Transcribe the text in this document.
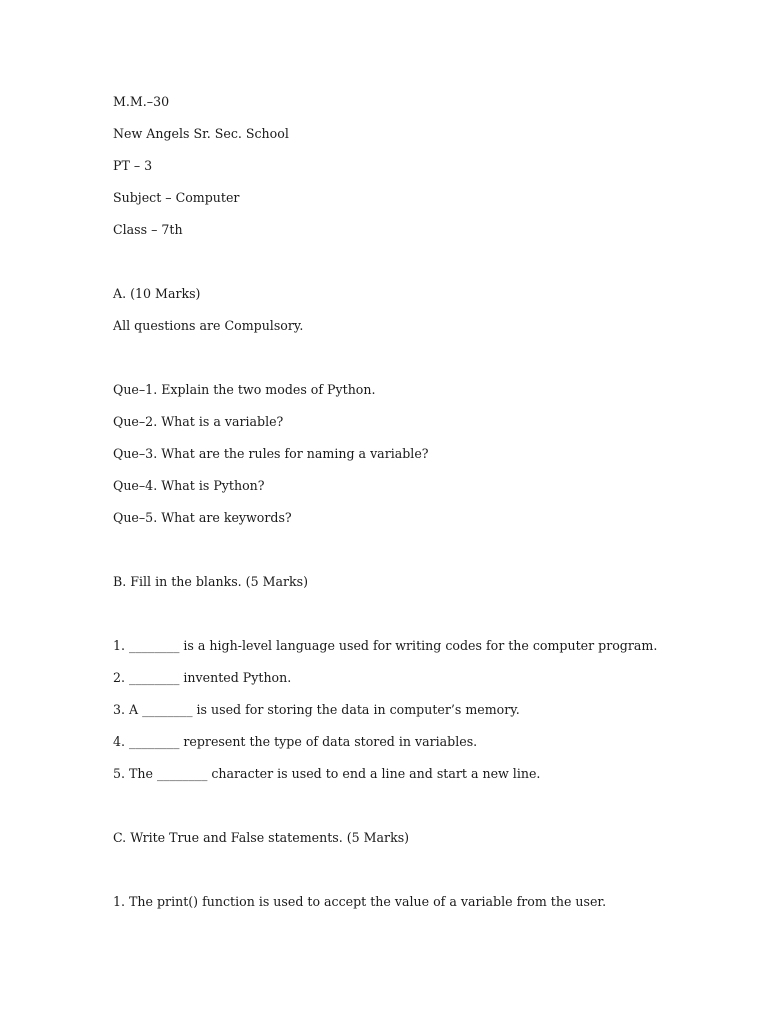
M.M.–30

New Angels Sr. Sec. School

PT – 3

Subject – Computer

Class – 7th

A. (10 Marks)

All questions are Compulsory.

Que–1. Explain the two modes of Python.

Que–2. What is a variable?

Que–3. What are the rules for naming a variable?

Que–4. What is Python?

Que–5. What are keywords?

B. Fill in the blanks. (5 Marks)

1. ________ is a high-level language used for writing codes for the computer program.

2. ________ invented Python.

3. A ________ is used for storing the data in computer’s memory.

4. ________ represent the type of data stored in variables.

5. The ________ character is used to end a line and start a new line.

C. Write True and False statements. (5 Marks)

1. The print() function is used to accept the value of a variable from the user.
